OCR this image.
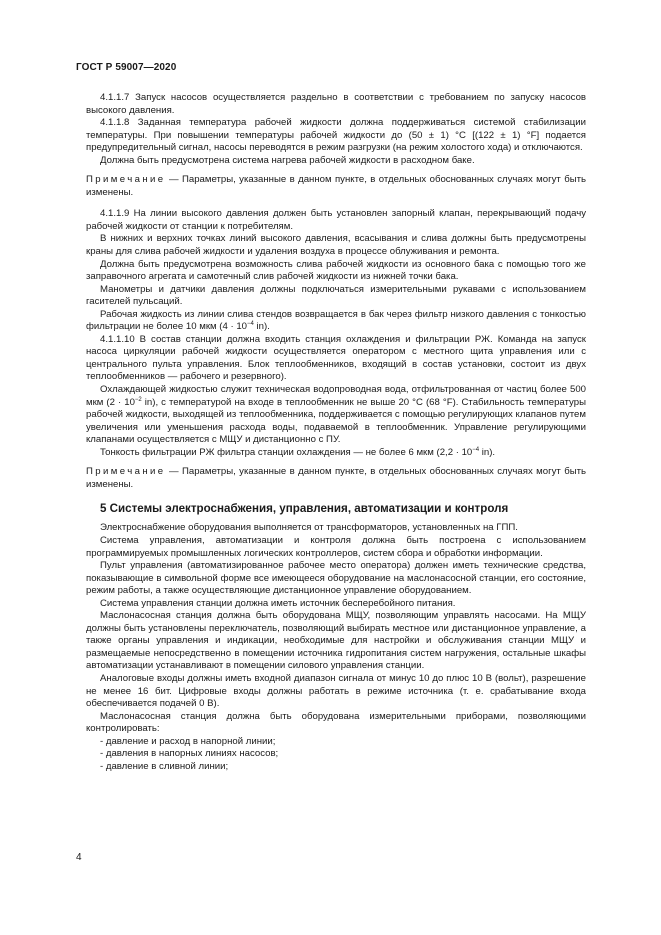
ГОСТ Р 59007—2020

4.1.1.7 Запуск насосов осуществляется раздельно в соответствии с требованием по запуску насосов высокого давления.

4.1.1.8 Заданная температура рабочей жидкости должна поддерживаться системой стабилизации температуры. При повышении температуры рабочей жидкости до (50 ± 1) °С [(122 ± 1) °F] подается предупредительный сигнал, насосы переводятся в режим разгрузки (на режим холостого хода) и отключаются.

Должна быть предусмотрена система нагрева рабочей жидкости в расходном баке.

Примечание — Параметры, указанные в данном пункте, в отдельных обоснованных случаях могут быть изменены.

4.1.1.9 На линии высокого давления должен быть установлен запорный клапан, перекрывающий подачу рабочей жидкости от станции к потребителям.

В нижних и верхних точках линий высокого давления, всасывания и слива должны быть предусмотрены краны для слива рабочей жидкости и удаления воздуха в процессе облуживания и ремонта.

Должна быть предусмотрена возможность слива рабочей жидкости из основного бака с помощью того же заправочного агрегата и самотечный слив рабочей жидкости из нижней точки бака.

Манометры и датчики давления должны подключаться измерительными рукавами с использованием гасителей пульсаций.

Рабочая жидкость из линии слива стендов возвращается в бак через фильтр низкого давления с тонкостью фильтрации не более 10 мкм ($4 \cdot 10^{-4}$ in).

4.1.1.10 В состав станции должна входить станция охлаждения и фильтрации РЖ. Команда на запуск насоса циркуляции рабочей жидкости осуществляется оператором с местного щита управления или с центрального пульта управления. Блок теплообменников, входящий в состав установки, состоит из двух теплообменников — рабочего и резервного).

Охлаждающей жидкостью служит техническая водопроводная вода, отфильтрованная от частиц более 500 мкм ($2 \cdot 10^{-2}$ in), с температурой на входе в теплообменник не выше 20 °С (68 °F). Стабильность температуры рабочей жидкости, выходящей из теплообменника, поддерживается с помощью регулирующих клапанов путем увеличения или уменьшения расхода воды, подаваемой в теплообменник. Управление регулирующими клапанами осуществляется с МЩУ и дистанционно с ПУ.

Тонкость фильтрации РЖ фильтра станции охлаждения — не более 6 мкм ($2,2 \cdot 10^{-4}$ in).

Примечание — Параметры, указанные в данном пункте, в отдельных обоснованных случаях могут быть изменены.

5 Системы электроснабжения, управления, автоматизации и контроля

Электроснабжение оборудования выполняется от трансформаторов, установленных на ГПП.

Система управления, автоматизации и контроля должна быть построена с использованием программируемых промышленных логических контроллеров, систем сбора и обработки информации.

Пульт управления (автоматизированное рабочее место оператора) должен иметь технические средства, показывающие в символьной форме все имеющееся оборудование на маслонасосной станции, его состояние, режим работы, а также осуществляющие дистанционное управление оборудованием.

Система управления станции должна иметь источник бесперебойного питания.

Маслонасосная станция должна быть оборудована МЩУ, позволяющим управлять насосами. На МЩУ должны быть установлены переключатель, позволяющий выбирать местное или дистанционное управление, а также органы управления и индикации, необходимые для настройки и обслуживания станции МЩУ и размещаемые непосредственно в помещении источника гидропитания систем нагружения, остальные шкафы автоматизации устанавливают в помещении силового управления станции.

Аналоговые входы должны иметь входной диапазон сигнала от минус 10 до плюс 10 В (вольт), разрешение не менее 16 бит. Цифровые входы должны работать в режиме источника (т. е. срабатывание входа обеспечивается подачей 0 В).

Маслонасосная станция должна быть оборудована измерительными приборами, позволяющими контролировать:

- давление и расход в напорной линии;
- давления в напорных линиях насосов;
- давление в сливной линии;
4
